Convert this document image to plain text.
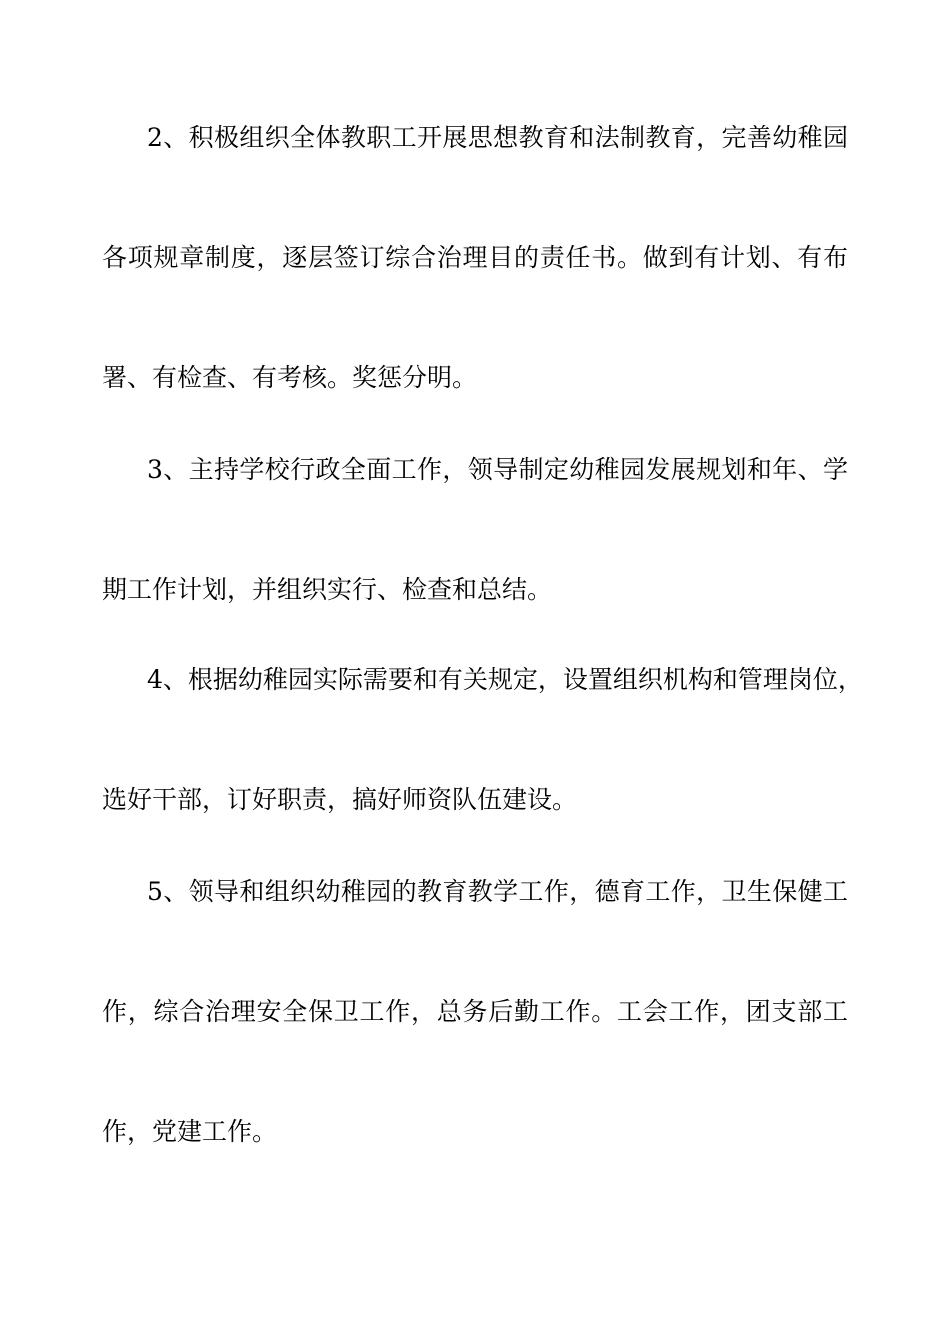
2、积极组织全体教职工开展思想教育和法制教育，完善幼稚园
各项规章制度，逐层签订综合治理目的责任书。做到有计划、有布
署、有检查、有考核。奖惩分明。
3、主持学校行政全面工作，领导制定幼稚园发展规划和年、学
期工作计划，并组织实行、检查和总结。
4、根据幼稚园实际需要和有关规定，设置组织机构和管理岗位，
选好干部，订好职责，搞好师资队伍建设。
5、领导和组织幼稚园的教育教学工作，德育工作，卫生保健工
作，综合治理安全保卫工作，总务后勤工作。工会工作，团支部工
作，党建工作。
